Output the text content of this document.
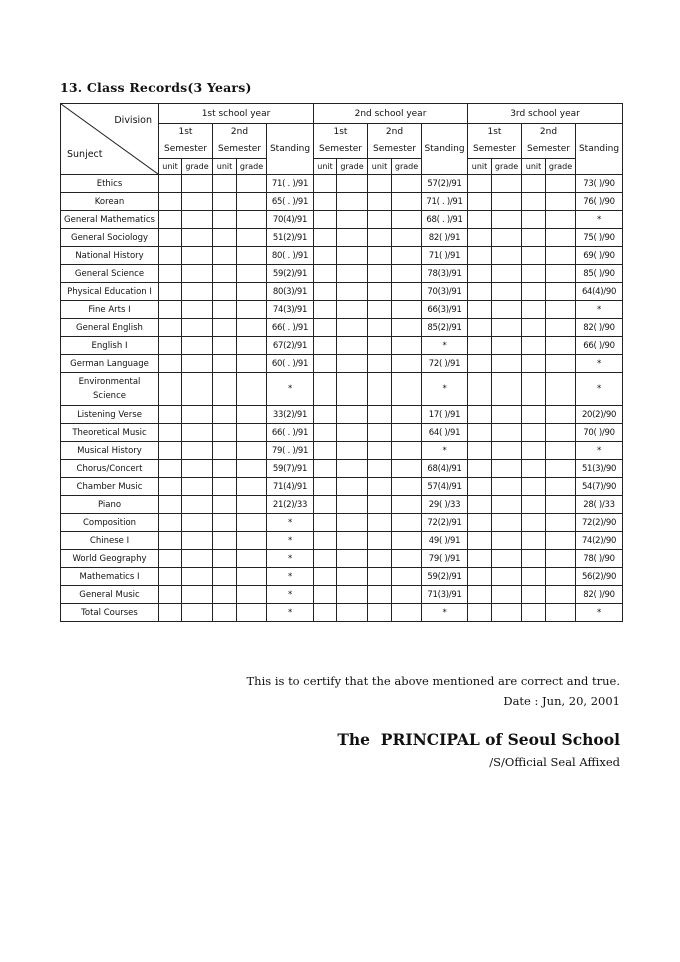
13. Class Records(3 Years)
Division
Sunject	1st school year					2nd school year					3rd school year				
	1st		2nd		Standing	1st		2nd		Standing	1st		2nd		Standing
	Semester		Semester			Semester		Semester			Semester		Semester		
	unit	grade	unit	grade		unit	grade	unit	grade		unit	grade	unit	grade	
Ethics					71( . )/91					57(2)/91					73( )/90
Korean					65( . )/91					71( . )/91					76( )/90
General Mathematics					70(4)/91					68( . )/91					*
General Sociology					51(2)/91					82( )/91					75( )/90
National History					80( . )/91					71( )/91					69( )/90
General Science					59(2)/91					78(3)/91					85( )/90
Physical Education I					80(3)/91					70(3)/91					64(4)/90
Fine Arts I					74(3)/91					66(3)/91					*
General English					66( . )/91					85(2)/91					82( )/90
English I					67(2)/91					*					66( )/90
German Language					60( . )/91					72( )/91					*
Environmental Science					*					*					*
Listening Verse					33(2)/91					17( )/91					20(2)/90
Theoretical Music					66( . )/91					64( )/91					70( )/90
Musical History					79( . )/91					*					*
Chorus/Concert					59(7)/91					68(4)/91					51(3)/90
Chamber Music					71(4)/91					57(4)/91					54(7)/90
Piano					21(2)/33					29( )/33					28( )/33
Composition					*					72(2)/91					72(2)/90
Chinese I					*					49( )/91					74(2)/90
World Geography					*					79( )/91					78( )/90
Mathematics I					*					59(2)/91					56(2)/90
General Music					*					71(3)/91					82( )/90
Total Courses					*					*					*
This is to certify that the above mentioned are correct and true.
Date : Jun, 20, 2001
The  PRINCIPAL of Seoul School
/S/Official Seal Affixed
